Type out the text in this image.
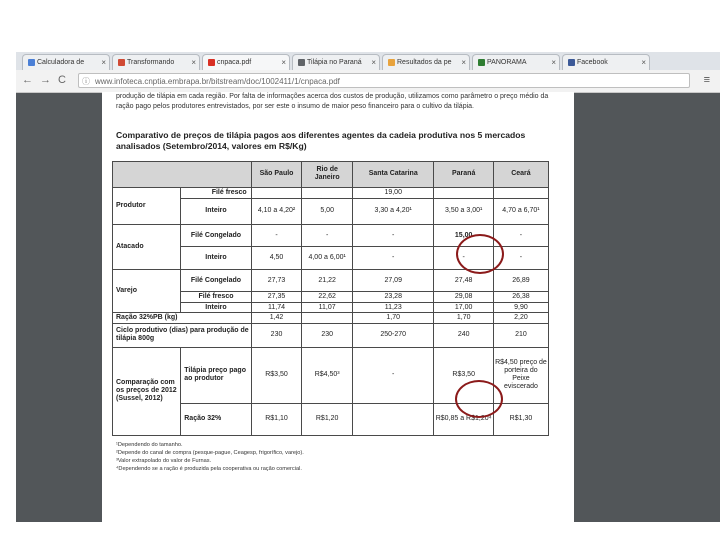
Calculadora de ×	Transformando ×	cnpaca.pdf	×	Tilápia no Paraná ×	Resultados da pe ×	PANORAMA	×	Facebook	×
← → C ⓘ www.infoteca.cnptia.embrapa.br/bitstream/doc/1002411/1/cnpaca.pdf	≡
produção de tilápia em cada região. Por falta de informações acerca dos custos de produção, utilizamos como parâmetro o preço médio da ração pago pelos produtores entrevistados, por ser este o insumo de maior peso financeiro para o cultivo da tilápia.
Comparativo de preços de tilápia pagos aos diferentes agentes da cadeia produtiva nos 5 mercados analisados (Setembro/2014, valores em R$/Kg)
		São Paulo	Rio de Janeiro	Santa Catarina	Paraná	Ceará
Produtor	Filé fresco			19,00		
	Inteiro	4,10 a 4,20²	5,00	3,30 a 4,20¹	3,50 a 3,00¹	4,70 a 6,70¹
Atacado	Filé Congelado	-	-	-	15,00	-
	Inteiro	4,50	4,00 a 6,00¹	-	-	-
Varejo	Filé Congelado	27,73	21,22	27,09	27,48	26,89
	Filé fresco	27,35	22,62	23,28	29,08	26,38
	Inteiro	11,74	11,07	11,23	17,00	9,90
Ração 32%PB (kg)		1,42		1,70	1,70	2,20
Ciclo produtivo (dias) para produção de tilápia 800g		230	230	250-270	240	210
Comparação com os preços de 2012 (Sussel, 2012)	Tilápia preço pago ao produtor	R$3,50	R$4,50³	-	R$3,50	R$4,50 preço de porteira do Peixe eviscerado
	Ração 32%	R$1,10	R$1,20		R$0,85 a R$1,20⁴	R$1,30
¹Dependendo do tamanho.
²Depende do canal de compra (pesque-pague, Ceagesp, frigorífico, varejo).
³Valor extrapolado do valor de Furnas.
⁴Dependendo se a ração é produzida pela cooperativa ou ração comercial.
